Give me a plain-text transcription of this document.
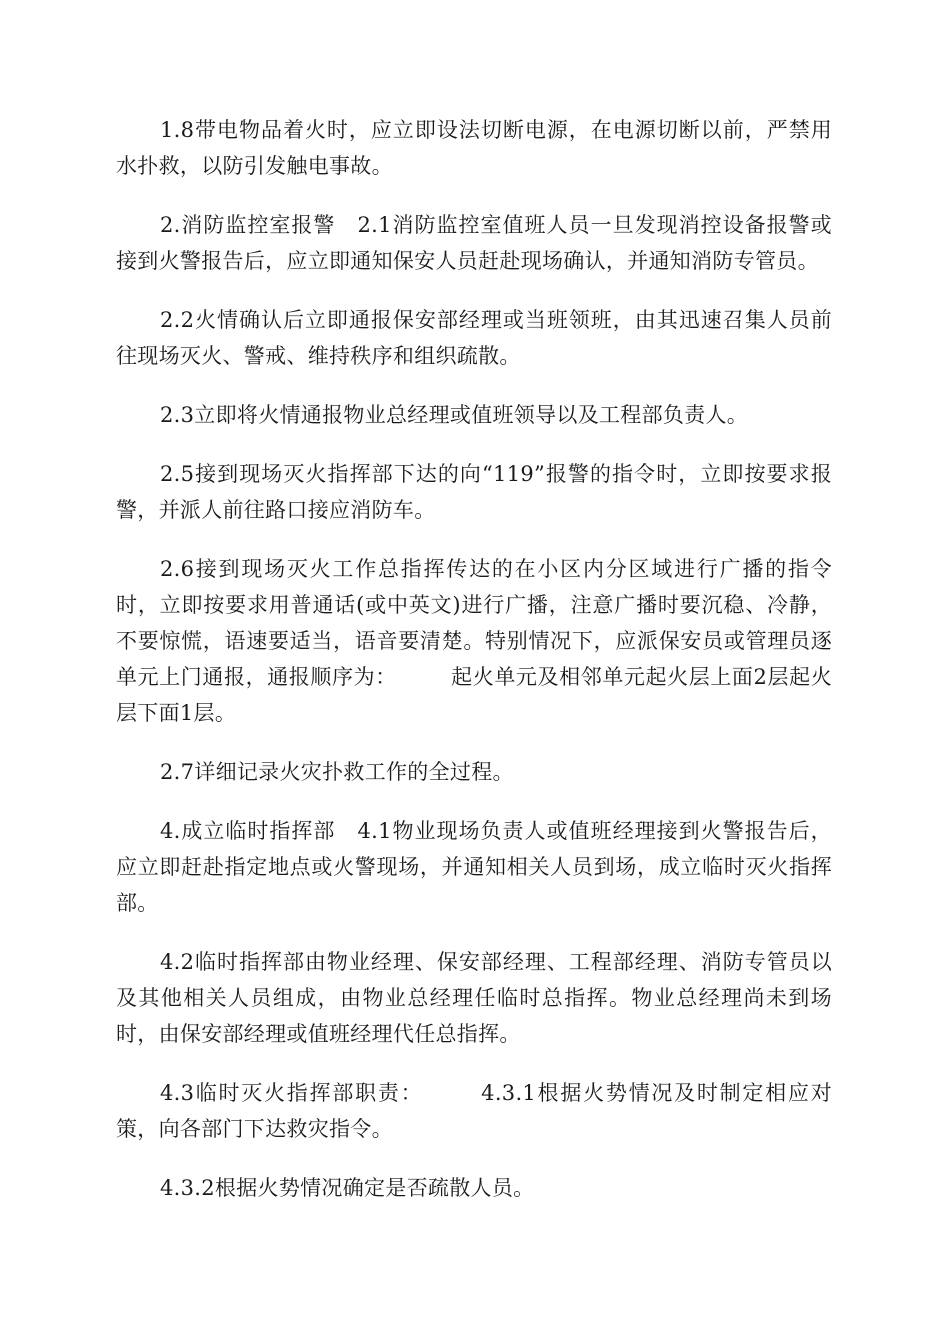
1.8带电物品着火时，应立即设法切断电源，在电源切断以前，严禁用水扑救，以防引发触电事故。

2.消防监控室报警　2.1消防监控室值班人员一旦发现消控设备报警或接到火警报告后，应立即通知保安人员赶赴现场确认，并通知消防专管员。

2.2火情确认后立即通报保安部经理或当班领班，由其迅速召集人员前往现场灭火、警戒、维持秩序和组织疏散。

2.3立即将火情通报物业总经理或值班领导以及工程部负责人。

2.5接到现场灭火指挥部下达的向“119”报警的指令时，立即按要求报警，并派人前往路口接应消防车。

2.6接到现场灭火工作总指挥传达的在小区内分区域进行广播的指令时，立即按要求用普通话(或中英文)进行广播，注意广播时要沉稳、冷静，不要惊慌，语速要适当，语音要清楚。特别情况下，应派保安员或管理员逐单元上门通报，通报顺序为：　　　起火单元及相邻单元起火层上面2层起火层下面1层。

2.7详细记录火灾扑救工作的全过程。

4.成立临时指挥部　4.1物业现场负责人或值班经理接到火警报告后，应立即赶赴指定地点或火警现场，并通知相关人员到场，成立临时灭火指挥部。

4.2临时指挥部由物业经理、保安部经理、工程部经理、消防专管员以及其他相关人员组成，由物业总经理任临时总指挥。物业总经理尚未到场时，由保安部经理或值班经理代任总指挥。

4.3临时灭火指挥部职责：　　　4.3.1根据火势情况及时制定相应对策，向各部门下达救灾指令。

4.3.2根据火势情况确定是否疏散人员。
